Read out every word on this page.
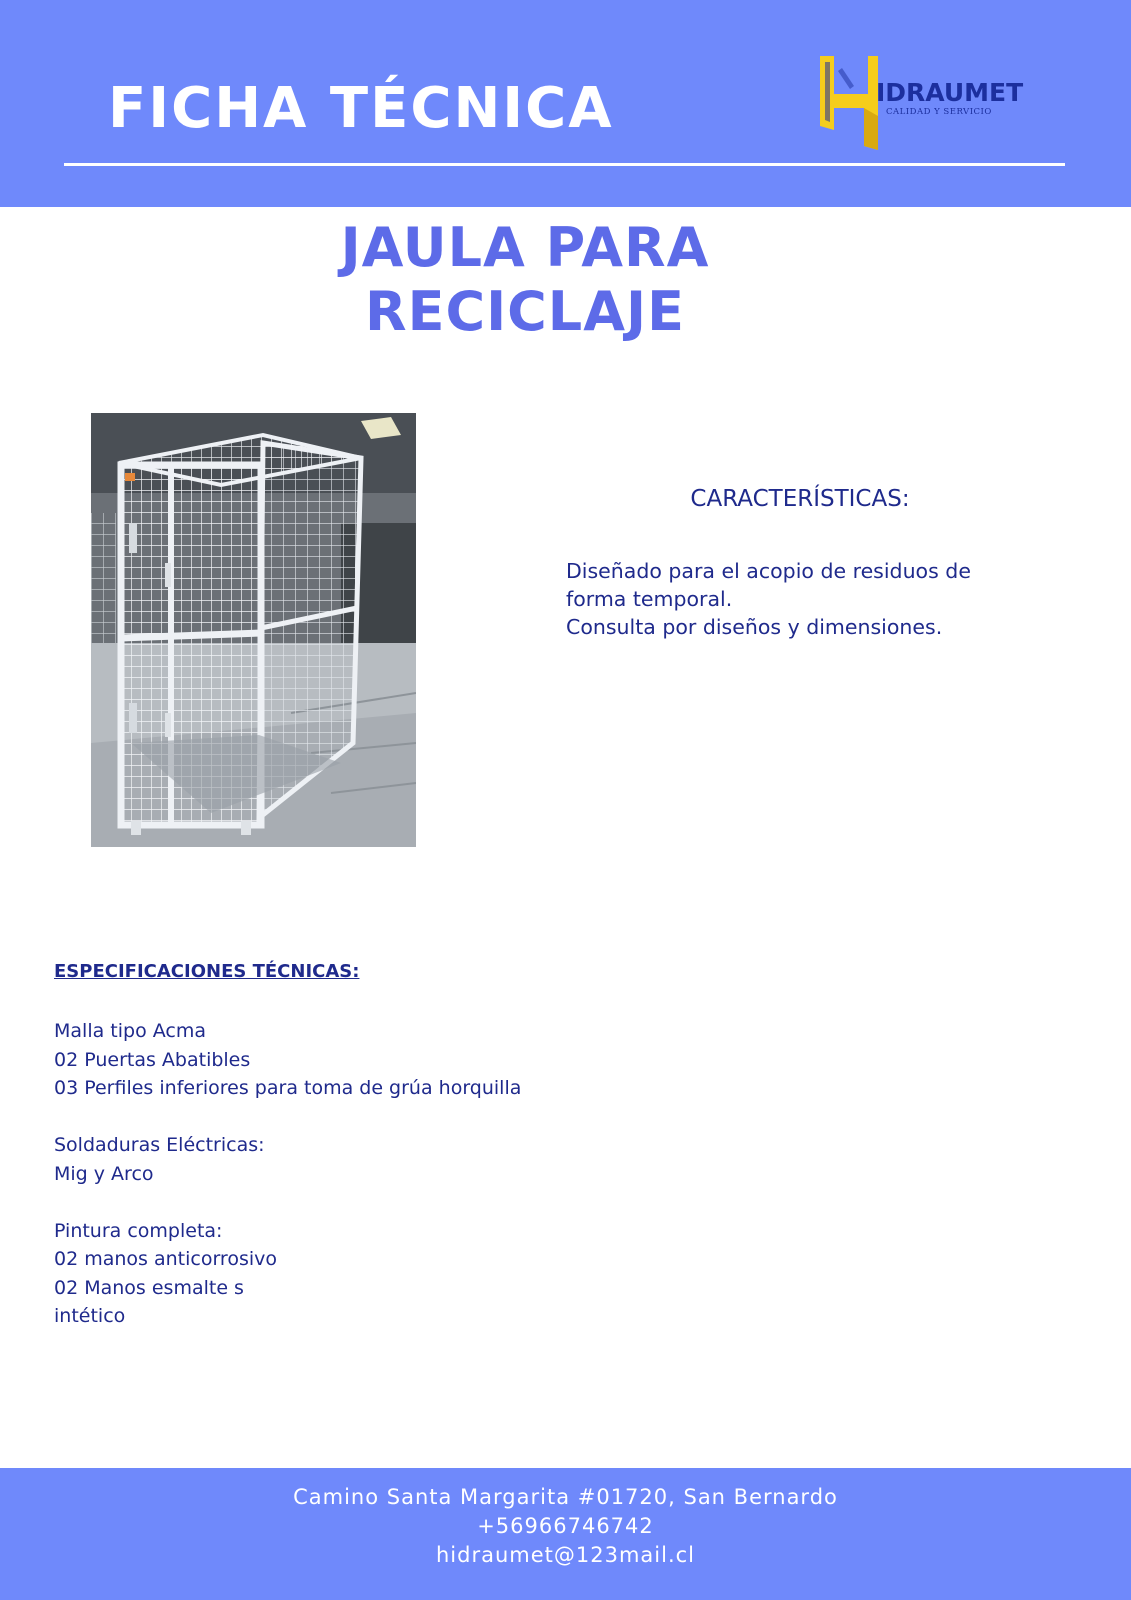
FICHA TÉCNICA	IDRAUMET
CALIDAD Y SERVICIO
JAULA PARA
RECICLAJE
CARACTERÍSTICAS:
Diseñado para el acopio de residuos de
forma temporal.
Consulta por diseños y dimensiones.
ESPECIFICACIONES TÉCNICAS:
Malla tipo Acma
02 Puertas Abatibles
03 Perfiles inferiores para toma de grúa horquilla
Soldaduras Eléctricas:
Mig y Arco
Pintura completa:
02 manos anticorrosivo
02 Manos esmalte s
intético
Camino Santa Margarita #01720, San Bernardo
+56966746742
hidraumet@123mail.cl
